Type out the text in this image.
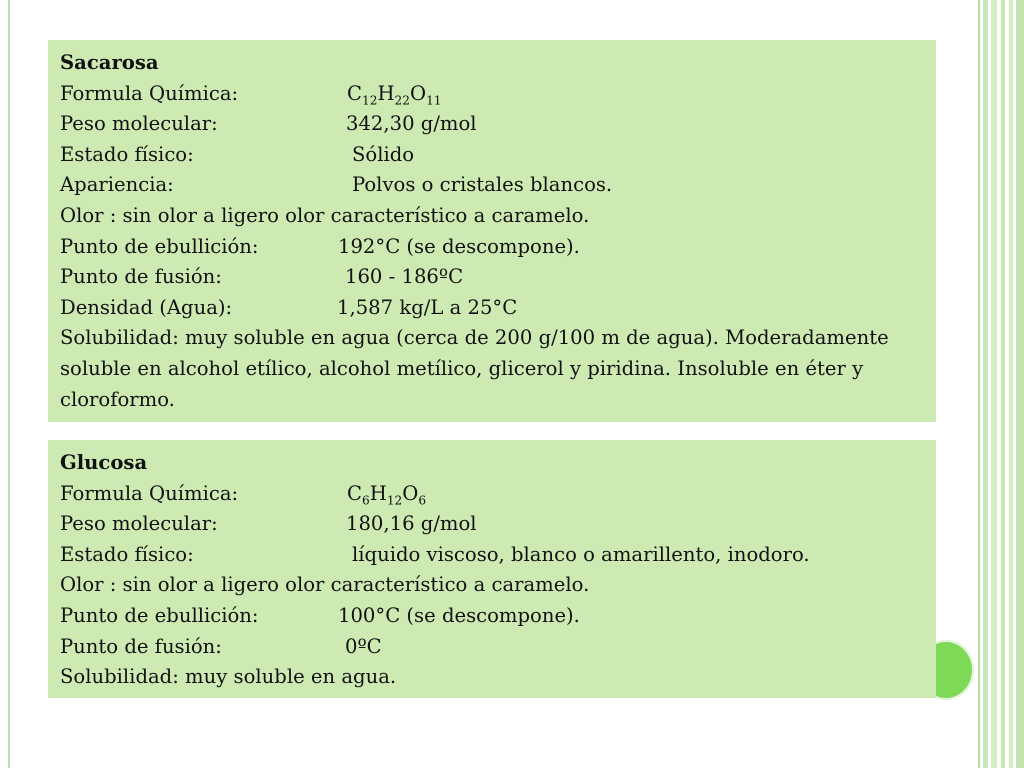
Sacarosa
Formula Química:	$C_{12}H_{22}O_{11}$
Peso molecular:	342,30 g/mol
Estado físico:	Sólido
Apariencia:	Polvos o cristales blancos.
Olor : sin olor a ligero olor característico a caramelo.
Punto de ebullición:	192°C (se descompone).
Punto de fusión:	160 - 186ºC
Densidad (Agua):	1,587 kg/L a 25°C

Solubilidad: muy soluble en agua (cerca de 200 g/100 m de agua). Moderadamente soluble en alcohol etílico, alcohol metílico, glicerol y piridina. Insoluble en éter y cloroformo.

Glucosa
Formula Química:	$C_6H_{12}O_6$
Peso molecular:	180,16 g/mol
Estado físico:	líquido viscoso, blanco o amarillento, inodoro.
Olor : sin olor a ligero olor característico a caramelo.
Punto de ebullición:	100°C (se descompone).
Punto de fusión:	0ºC
Solubilidad: muy soluble en agua.
